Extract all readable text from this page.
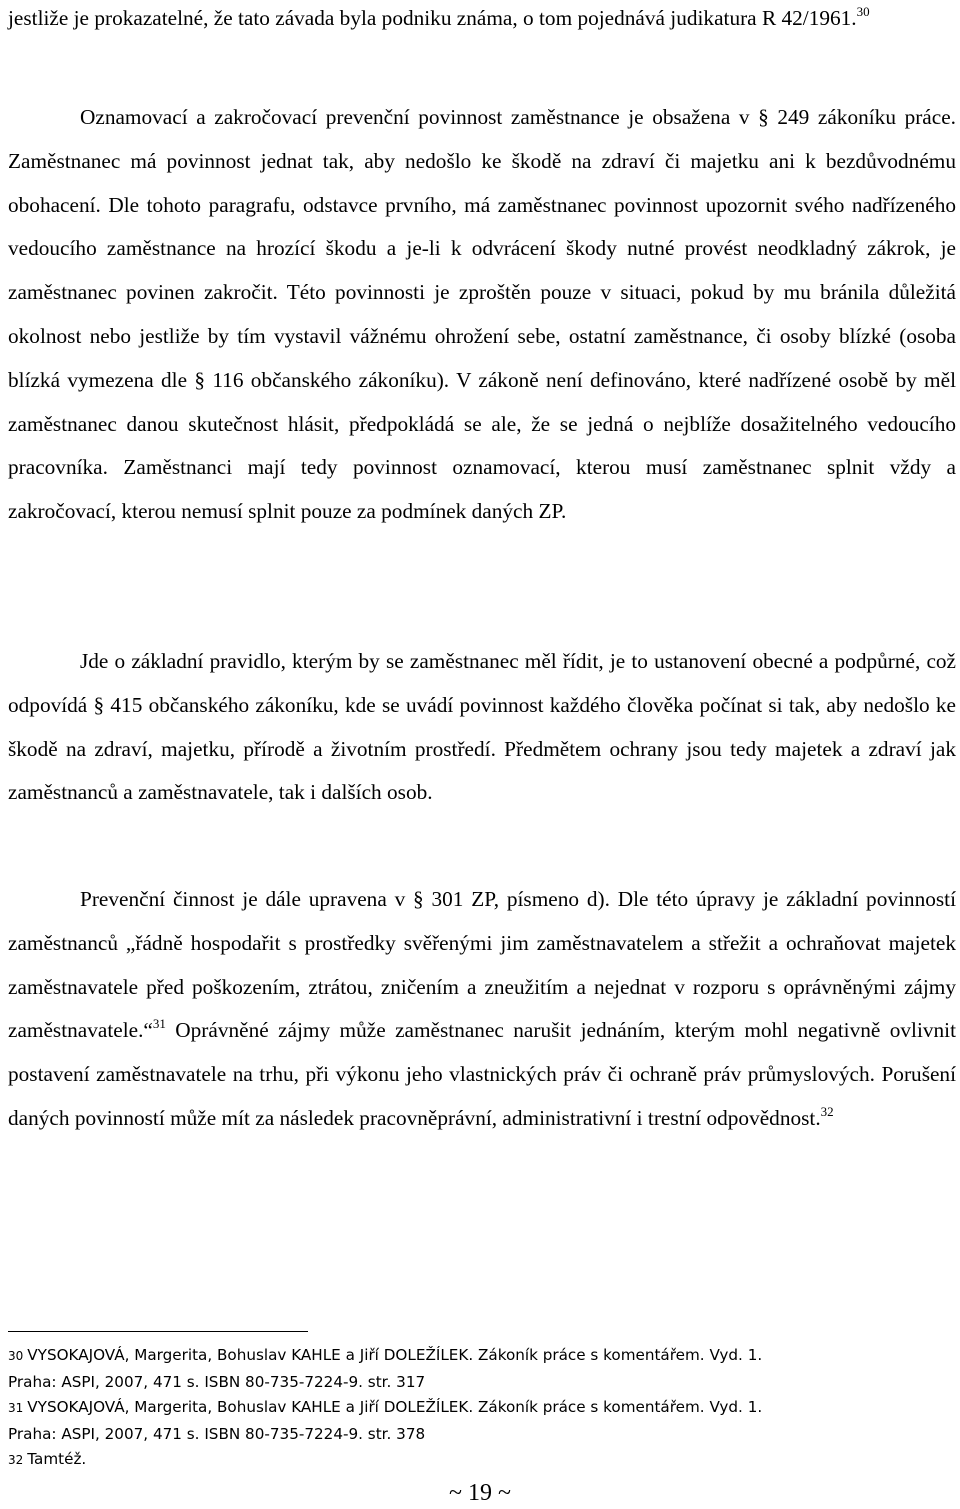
jestliže je prokazatelné, že tato závada byla podniku známa, o tom pojednává judikatura R 42/1961.30

Oznamovací a zakročovací prevenční povinnost zaměstnance je obsažena v § 249 zákoníku práce. Zaměstnanec má povinnost jednat tak, aby nedošlo ke škodě na zdraví či majetku ani k bezdůvodnému obohacení. Dle tohoto paragrafu, odstavce prvního, má zaměstnanec povinnost upozornit svého nadřízeného vedoucího zaměstnance na hrozící škodu a je-li k odvrácení škody nutné provést neodkladný zákrok, je zaměstnanec povinen zakročit. Této povinnosti je zproštěn pouze v situaci, pokud by mu bránila důležitá okolnost nebo jestliže by tím vystavil vážnému ohrožení sebe, ostatní zaměstnance, či osoby blízké (osoba blízká vymezena dle § 116 občanského zákoníku). V zákoně není definováno, které nadřízené osobě by měl zaměstnanec danou skutečnost hlásit, předpokládá se ale, že se jedná o nejblíže dosažitelného vedoucího pracovníka. Zaměstnanci mají tedy povinnost oznamovací, kterou musí zaměstnanec splnit vždy a zakročovací, kterou nemusí splnit pouze za podmínek daných ZP.

Jde o základní pravidlo, kterým by se zaměstnanec měl řídit, je to ustanovení obecné a podpůrné, což odpovídá § 415 občanského zákoníku, kde se uvádí povinnost každého člověka počínat si tak, aby nedošlo ke škodě na zdraví, majetku, přírodě a životním prostředí. Předmětem ochrany jsou tedy majetek a zdraví jak zaměstnanců a zaměstnavatele, tak i dalších osob.

Prevenční činnost je dále upravena v § 301 ZP, písmeno d). Dle této úpravy je základní povinností zaměstnanců „řádně hospodařit s prostředky svěřenými jim zaměstnavatelem a střežit a ochraňovat majetek zaměstnavatele před poškozením, ztrátou, zničením a zneužitím a nejednat v rozporu s oprávněnými zájmy zaměstnavatele.“$^{31}$ Oprávněné zájmy může zaměstnanec narušit jednáním, kterým mohl negativně ovlivnit postavení zaměstnavatele na trhu, při výkonu jeho vlastnických práv či ochraně práv průmyslových. Porušení daných povinností může mít za následek pracovněprávní, administrativní i trestní odpovědnost.$^{32}$

30 VYSOKAJOVÁ, Margerita, Bohuslav KAHLE a Jiří DOLEŽÍLEK. Zákoník práce s komentářem. Vyd. 1.

Praha: ASPI, 2007, 471 s. ISBN 80-735-7224-9. str. 317

31 VYSOKAJOVÁ, Margerita, Bohuslav KAHLE a Jiří DOLEŽÍLEK. Zákoník práce s komentářem. Vyd. 1.

Praha: ASPI, 2007, 471 s. ISBN 80-735-7224-9. str. 378

32 Tamtéž.

~ 19 ~
